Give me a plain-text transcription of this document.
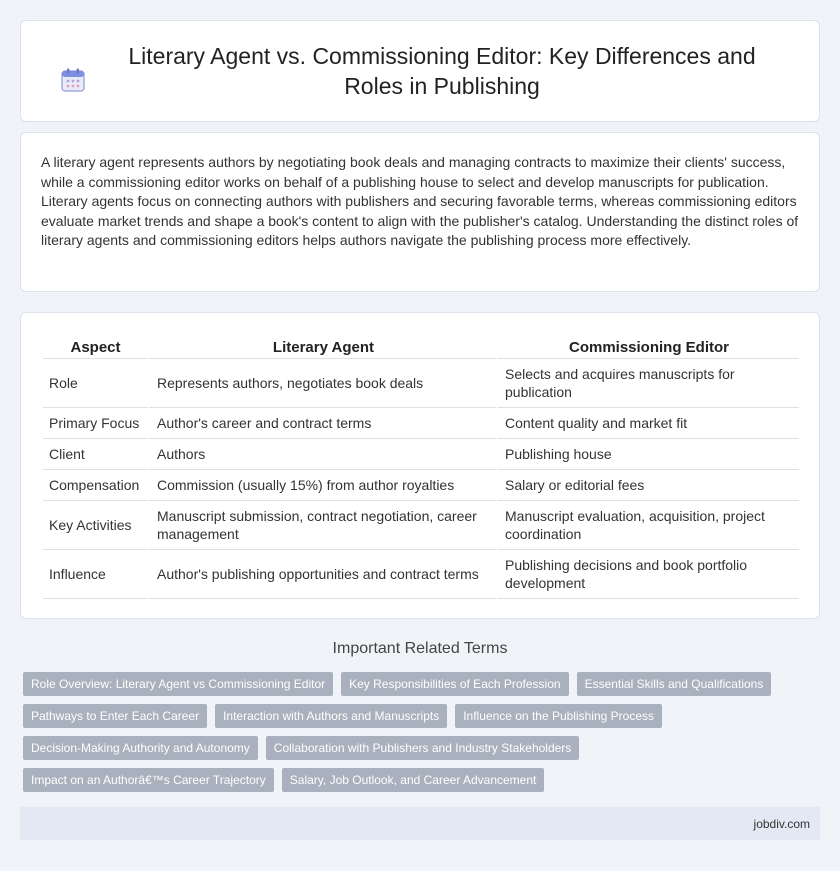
Literary Agent vs. Commissioning Editor: Key Differences and Roles in Publishing

A literary agent represents authors by negotiating book deals and managing contracts to maximize their clients' success, while a commissioning editor works on behalf of a publishing house to select and develop manuscripts for publication. Literary agents focus on connecting authors with publishers and securing favorable terms, whereas commissioning editors evaluate market trends and shape a book's content to align with the publisher's catalog. Understanding the distinct roles of literary agents and commissioning editors helps authors navigate the publishing process more effectively.

Aspect	Literary Agent	Commissioning Editor
Role	Represents authors, negotiates book deals	Selects and acquires manuscripts for publication
Primary Focus	Author's career and contract terms	Content quality and market fit
Client	Authors	Publishing house
Compensation	Commission (usually 15%) from author royalties	Salary or editorial fees
Key Activities	Manuscript submission, contract negotiation, career management	Manuscript evaluation, acquisition, project coordination
Influence	Author's publishing opportunities and contract terms	Publishing decisions and book portfolio development
Important Related Terms
Role Overview: Literary Agent vs Commissioning Editor	Key Responsibilities of Each Profession	Essential Skills and Qualifications
Pathways to Enter Each Career	Interaction with Authors and Manuscripts	Influence on the Publishing Process
Decision-Making Authority and Autonomy	Collaboration with Publishers and Industry Stakeholders
Impact on an Authorâ€™s Career Trajectory	Salary, Job Outlook, and Career Advancement
jobdiv.com
